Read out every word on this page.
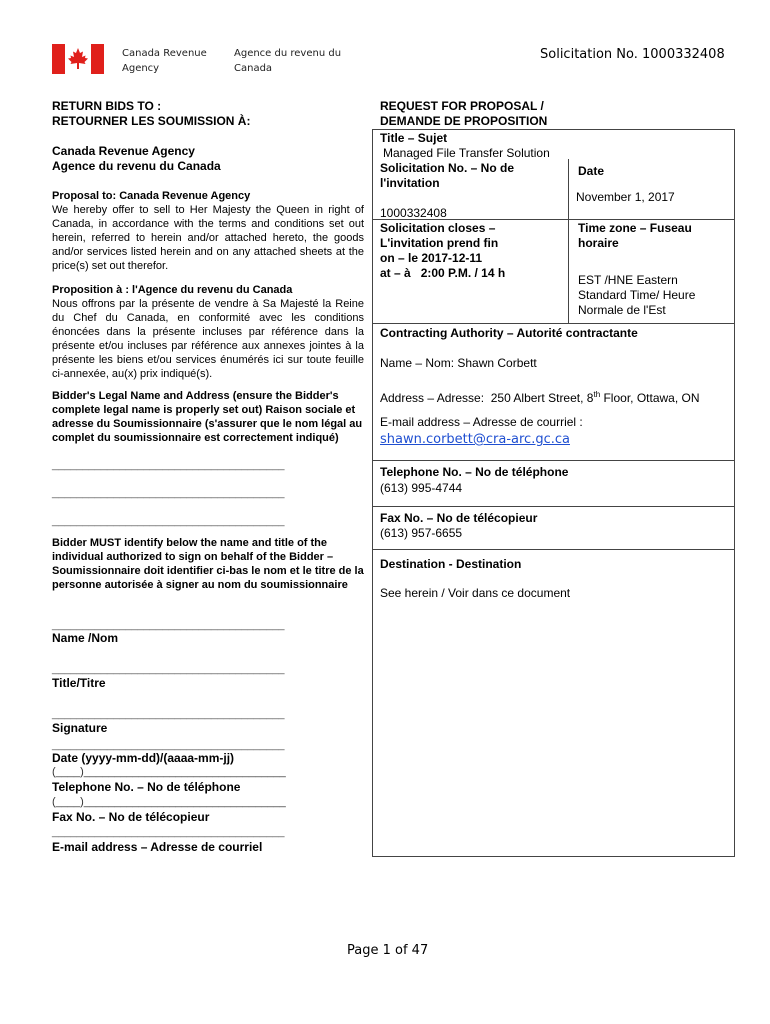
Canada Revenue
Agency
Agence du revenu du
Canada
Solicitation No. 1000332408
RETURN BIDS TO :
RETOURNER LES SOUMISSION À:
Canada Revenue Agency
Agence du revenu du Canada
Proposal to: Canada Revenue Agency
We hereby offer to sell to Her Majesty the Queen in right of Canada, in accordance with the terms and conditions set out herein, referred to herein and/or attached hereto, the goods and/or services listed herein and on any attached sheets at the price(s) set out therefor.
Proposition à : l'Agence du revenu du Canada
Nous offrons par la présente de vendre à Sa Majesté la Reine du Chef du Canada, en conformité avec les conditions énoncées dans la présente incluses par référence dans la présente et/ou incluses par référence aux annexes jointes à la présente les biens et/ou services énumérés ici sur toute feuille ci-annexée, au(x) prix indiqué(s).
Bidder's Legal Name and Address (ensure the Bidder's complete legal name is properly set out) Raison sociale et adresse du Soumissionnaire (s'assurer que le nom légal au complet du soumissionnaire est correctement indiqué)
______________________________________
______________________________________
______________________________________
Bidder MUST identify below the name and title of the individual authorized to sign on behalf of the Bidder – Soumissionnaire doit identifier ci-bas le nom et le titre de la personne autorisée à signer au nom du soumissionnaire
______________________________________
Name /Nom
______________________________________
Title/Titre
______________________________________
Signature
______________________________________
Date (yyyy-mm-dd)/(aaaa-mm-jj)
(____)_________________________________
Telephone No. – No de téléphone
(____)_________________________________
Fax No. – No de télécopieur
______________________________________
E-mail address – Adresse de courriel
REQUEST FOR PROPOSAL /
DEMANDE DE PROPOSITION
Title – Sujet
Managed File Transfer Solution
Solicitation No. – No de
l'invitation
1000332408
Date
November 1, 2017
Solicitation closes –
L'invitation prend fin
on – le 2017-12-11
at – à   2:00 P.M. / 14 h
Time zone – Fuseau
horaire
EST /HNE Eastern
Standard Time/ Heure
Normale de l'Est
Contracting Authority – Autorité contractante
Name – Nom: Shawn Corbett
Address – Adresse:  250 Albert Street, 8th Floor, Ottawa, ON
E-mail address – Adresse de courriel :
shawn.corbett@cra-arc.gc.ca
Telephone No. – No de téléphone
(613) 995-4744
Fax No. – No de télécopieur
(613) 957-6655
Destination - Destination
See herein / Voir dans ce document
Page 1 of 47
